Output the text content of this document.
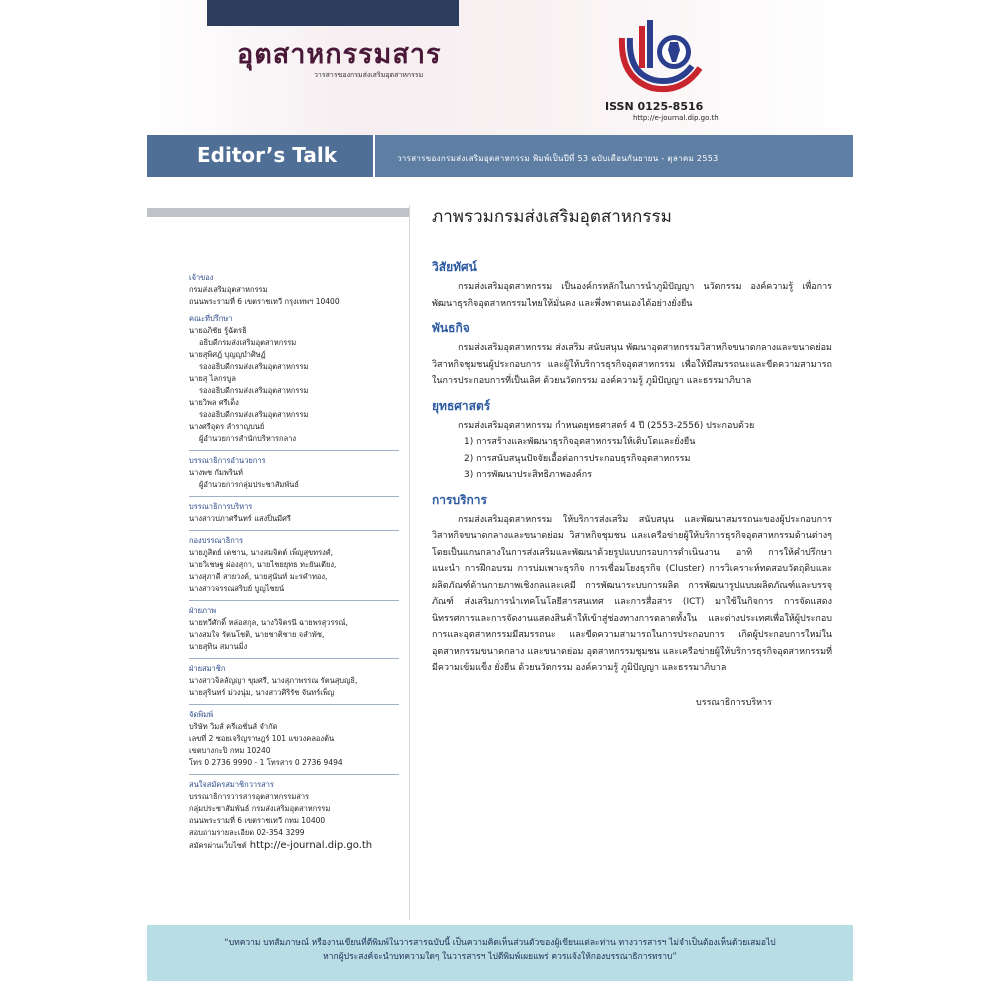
อุตสาหกรรมสาร
วารสารของกรมส่งเสริมอุตสาหกรรม
ISSN 0125-8516
http://e-journal.dip.go.th
Editor’s Talk	วารสารของกรมส่งเสริมอุตสาหกรรม พิมพ์เป็นปีที่ 53 ฉบับเดือนกันยายน - ตุลาคม 2553

เจ้าของ

กรมส่งเสริมอุตสาหกรรม

ถนนพระรามที่ 6 เขตราชเทวี กรุงเทพฯ 10400

คณะที่ปรึกษา

นายอภิชัย รู้ฉัตรธิ

อธิบดีกรมส่งเสริมอุตสาหกรรม

นายสุพิศฎ์ บุญญบำศิษฏ์

รองอธิบดีกรมส่งเสริมอุตสาหกรรม

นายสุ ไลกรบูล

รองอธิบดีกรมส่งเสริมอุตสาหกรรม

นายวิพล ศรีเด็ง

รองอธิบดีกรมส่งเสริมอุตสาหกรรม

นางศรีอุดร ลำราญบนย์

ผู้อำนวยการสำนักบริหารกลาง

บรรณาธิการอำนวยการ

นางพช กัมพรินท์

ผู้อำนวยการกลุ่มประชาสัมพันธ์

บรรณาธิการบริหาร

นางสาวปภาศรีนทร์ แสงปิ่นมีศรี

กองบรรณาธิการ

นายภูสิตย์ เดชาน, นางสมจิตต์ เพ็ญสุขทรงศ์,

นายวิเชษฐ ผ่องสุกา, นายไชยยุทธ ทะยันเตียง,

นางสุภาดี สายวงค์, นายสุนันท์ มะรคำทอง,

นางสาวจรรณสริบย์ บูญไชยน์

ฝ่ายภาพ

นายทวีศักดิ์ หล่อสกุล, นางวิจิตรนี ฉายพรสุวรรณ์,

นางสมใจ รัตนโชติ, นายชาติชาย จลำพัช,

นายสุทิน สมานมิ่ง

ฝ่ายสมาชิก

นางสาวจิลลัญญา ขุมศรี, นางสุภาพรรณ รัตนสุบญธิ,

นายสุรินทร์ ม่วงนุ่ม, นางสาวศิริรัช จันทร์เพ็ญ

จัดพิมพ์

บริษัท วิมส์ ครีเอชั่นส์ จำกัด

เลขที่ 2 ซอยเจริญราษฎร์ 101 แขวงคลองต้น

เขตบางกะปิ กทม 10240

โทร 0 2736 9990 - 1 โทรสาร 0 2736 9494

สนใจสมัครสมาชิกวารสาร

บรรณาธิการวารสารอุตสาหกรรมสาร

กลุ่มประชาสัมพันธ์ กรมส่งเสริมอุตสาหกรรม

ถนนพระรามที่ 6 เขตราชเทวี กทม 10400

สอบถามรายละเอียด 02-354 3299

สมัครผ่านเว็บไซต์ http://e-journal.dip.go.th

ภาพรวมกรมส่งเสริมอุตสาหกรรม

วิสัยทัศน์

กรมส่งเสริมอุตสาหกรรม เป็นองค์กรหลักในการนำภูมิปัญญา นวัตกรรม องค์ความรู้ เพื่อการพัฒนาธุรกิจอุตสาหกรรมไทยให้มั่นคง และพึ่งพาตนเองได้อย่างยั่งยืน

พันธกิจ

กรมส่งเสริมอุตสาหกรรม ส่งเสริม สนับสนุน พัฒนาอุตสาหกรรมวิสาหกิจขนาดกลางและขนาดย่อม วิสาหกิจชุมชนผู้ประกอบการ และผู้ให้บริการธุรกิจอุตสาหกรรม เพื่อให้มีสมรรถนะและขีดความสามารถในการประกอบการที่เป็นเลิศ ด้วยนวัตกรรม องค์ความรู้ ภูมิปัญญา และธรรมาภิบาล

ยุทธศาสตร์

กรมส่งเสริมอุตสาหกรรม กำหนดยุทธศาสตร์ 4 ปี (2553-2556) ประกอบด้วย

1) การสร้างและพัฒนาธุรกิจอุตสาหกรรมให้เติบโตและยั่งยืน

2) การสนับสนุนปัจจัยเอื้อต่อการประกอบธุรกิจอุตสาหกรรม

3) การพัฒนาประสิทธิภาพองค์กร

การบริการ

กรมส่งเสริมอุตสาหกรรม ให้บริการส่งเสริม สนับสนุน และพัฒนาสมรรถนะของผู้ประกอบการวิสาหกิจขนาดกลางและขนาดย่อม วิสาหกิจชุมชน และเครือข่ายผู้ให้บริการธุรกิจอุตสาหกรรมด้านต่างๆ โดยเป็นแกนกลางในการส่งเสริมและพัฒนาด้วยรูปแบบกรอบการดำเนินงาน อาทิ การให้คำปรึกษาแนะนำ การฝึกอบรม การบ่มเพาะธุรกิจ การเชื่อมโยงธุรกิจ (Cluster) การวิเคราะห์ทดสอบวัตถุดิบและผลิตภัณฑ์ด้านกายภาพเชิงกลและเคมี การพัฒนาระบบการผลิต การพัฒนารูปแบบผลิตภัณฑ์และบรรจุภัณฑ์ ส่งเสริมการนำเทคโนโลยีสารสนเทศ และการสื่อสาร (ICT) มาใช้ในกิจการ การจัดแสดงนิทรรศการและการจัดงานแสดงสินค้าให้เข้าสู่ช่องทางการตลาดทั้งใน และต่างประเทศเพื่อให้ผู้ประกอบการและอุตสาหกรรมมีสมรรถนะ และขีดความสามารถในการประกอบการ เกิดผู้ประกอบการใหม่ในอุตสาหกรรมขนาดกลาง และขนาดย่อม อุตสาหกรรมชุมชน และเครือข่ายผู้ให้บริการธุรกิจอุตสาหกรรมที่มีความเข้มแข็ง ยั่งยืน ด้วยนวัตกรรม องค์ความรู้ ภูมิปัญญา และธรรมาภิบาล

บรรณาธิการบริหาร

“บทความ บทสัมภาษณ์ หรืองานเขียนที่ตีพิมพ์ในวารสารฉบับนี้ เป็นความคิดเห็นส่วนตัวของผู้เขียนแต่ละท่าน ทางวารสารฯ ไม่จำเป็นต้องเห็นด้วยเสมอไป
หากผู้ประสงค์จะนำบทความใดๆ ในวารสารฯ ไปตีพิมพ์เผยแพร่ ควรแจ้งให้กองบรรณาธิการทราบ”
